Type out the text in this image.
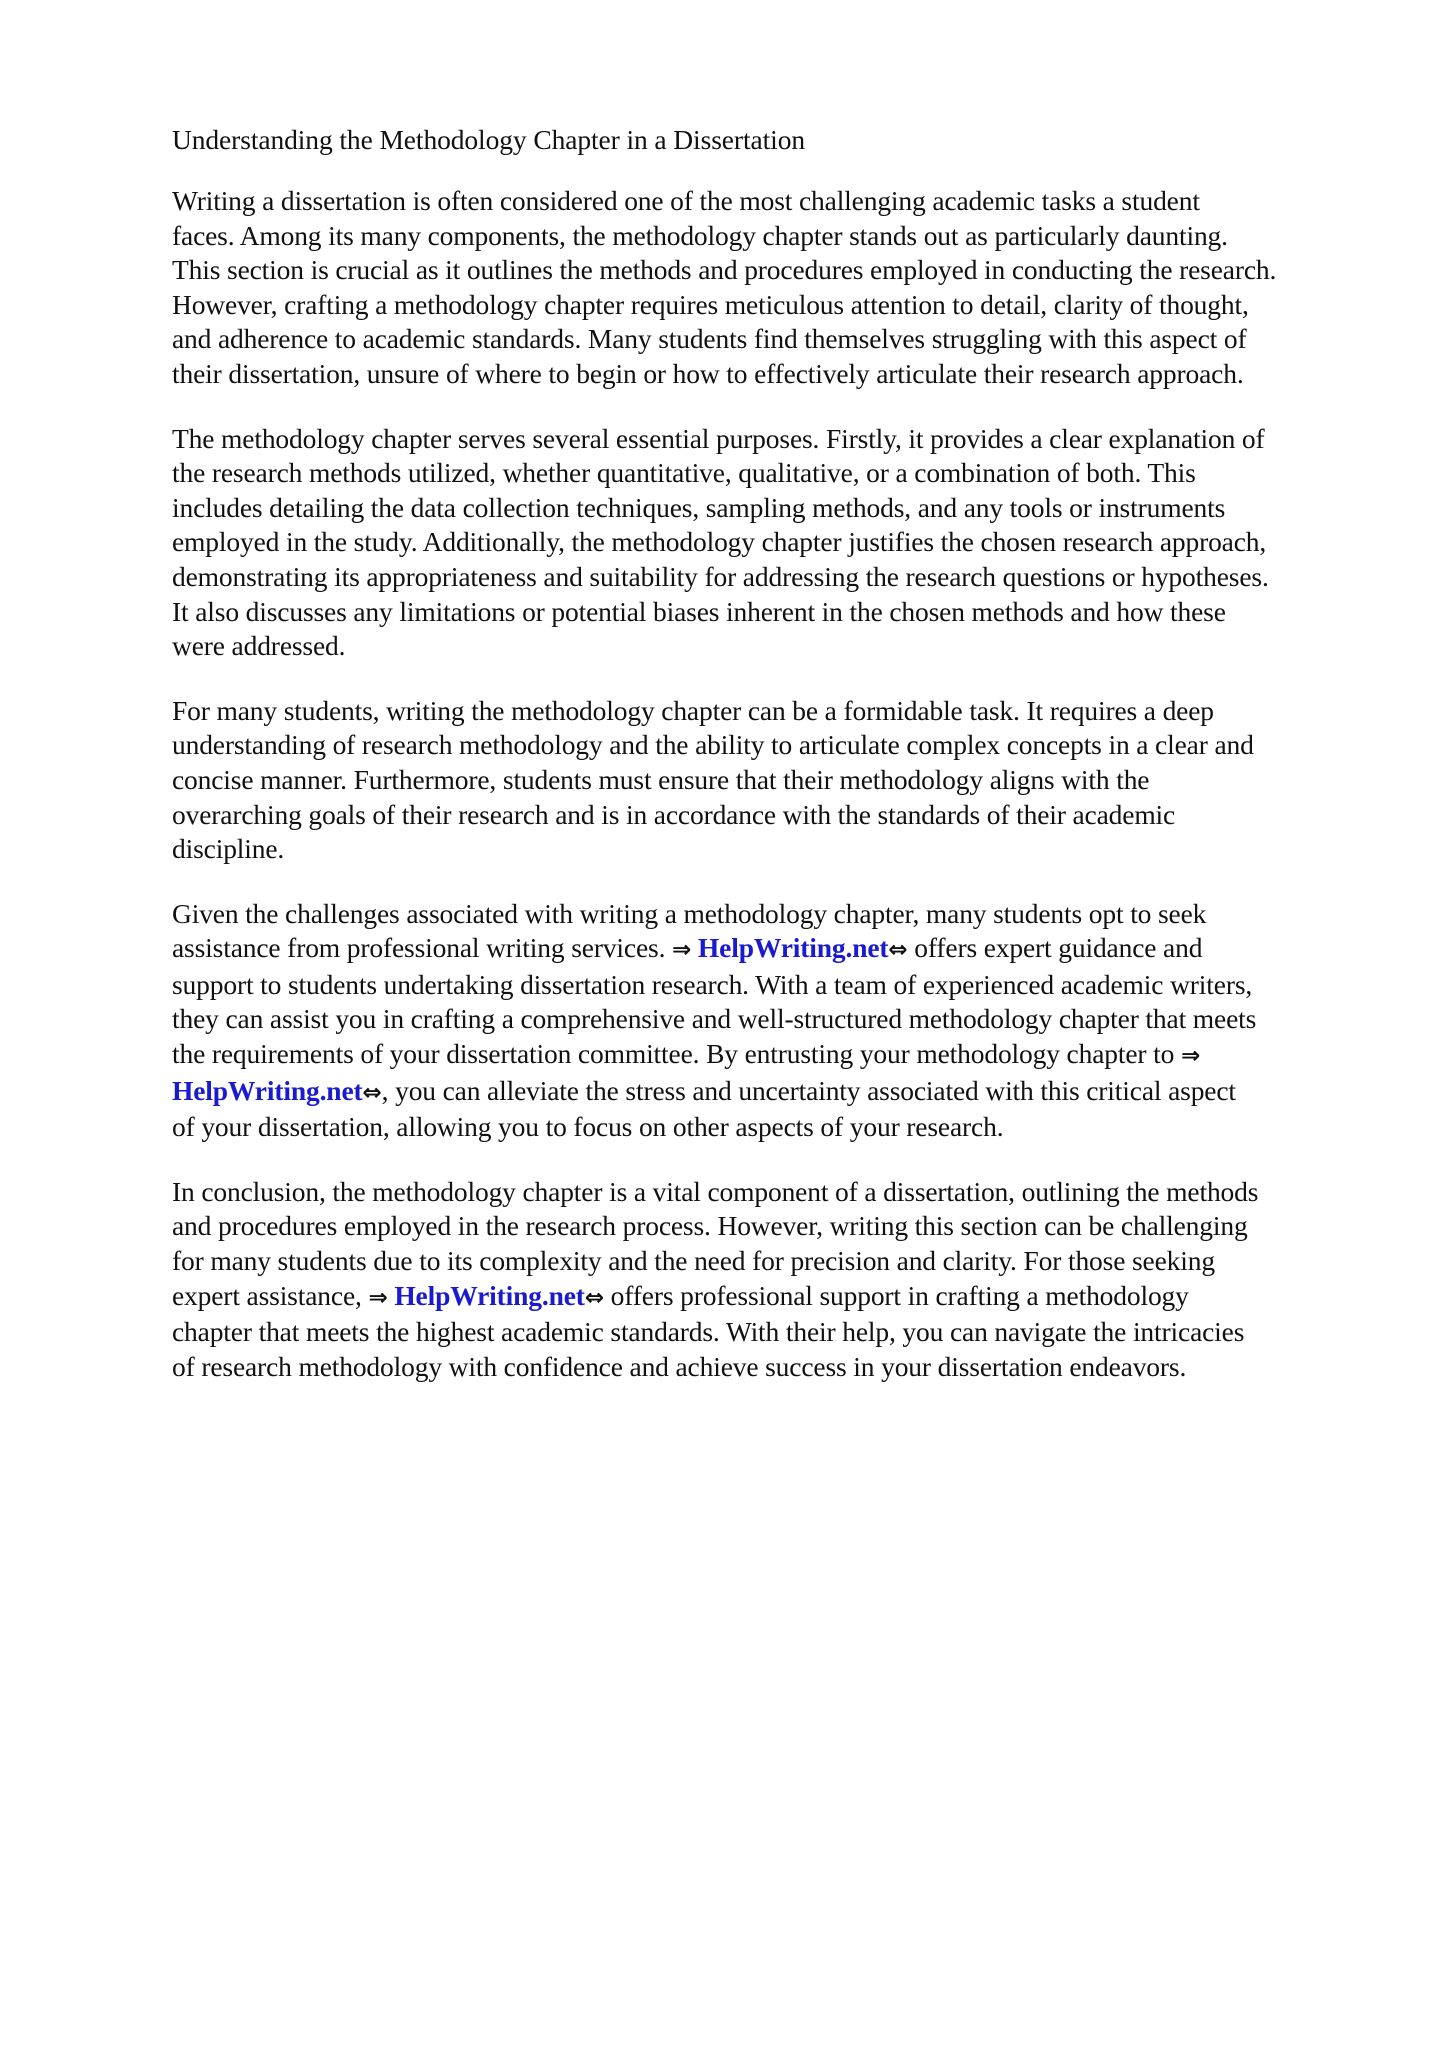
Understanding the Methodology Chapter in a Dissertation

Writing a dissertation is often considered one of the most challenging academic tasks a student
faces. Among its many components, the methodology chapter stands out as particularly daunting.
This section is crucial as it outlines the methods and procedures employed in conducting the research.
However, crafting a methodology chapter requires meticulous attention to detail, clarity of thought,
and adherence to academic standards. Many students find themselves struggling with this aspect of
their dissertation, unsure of where to begin or how to effectively articulate their research approach.

The methodology chapter serves several essential purposes. Firstly, it provides a clear explanation of
the research methods utilized, whether quantitative, qualitative, or a combination of both. This
includes detailing the data collection techniques, sampling methods, and any tools or instruments
employed in the study. Additionally, the methodology chapter justifies the chosen research approach,
demonstrating its appropriateness and suitability for addressing the research questions or hypotheses.
It also discusses any limitations or potential biases inherent in the chosen methods and how these
were addressed.

For many students, writing the methodology chapter can be a formidable task. It requires a deep
understanding of research methodology and the ability to articulate complex concepts in a clear and
concise manner. Furthermore, students must ensure that their methodology aligns with the
overarching goals of their research and is in accordance with the standards of their academic
discipline.

Given the challenges associated with writing a methodology chapter, many students opt to seek
assistance from professional writing services. ⇒ HelpWriting.net⇔ offers expert guidance and
support to students undertaking dissertation research. With a team of experienced academic writers,
they can assist you in crafting a comprehensive and well-structured methodology chapter that meets
the requirements of your dissertation committee. By entrusting your methodology chapter to ⇒
HelpWriting.net⇔, you can alleviate the stress and uncertainty associated with this critical aspect
of your dissertation, allowing you to focus on other aspects of your research.

In conclusion, the methodology chapter is a vital component of a dissertation, outlining the methods
and procedures employed in the research process. However, writing this section can be challenging
for many students due to its complexity and the need for precision and clarity. For those seeking
expert assistance, ⇒ HelpWriting.net⇔ offers professional support in crafting a methodology
chapter that meets the highest academic standards. With their help, you can navigate the intricacies
of research methodology with confidence and achieve success in your dissertation endeavors.
